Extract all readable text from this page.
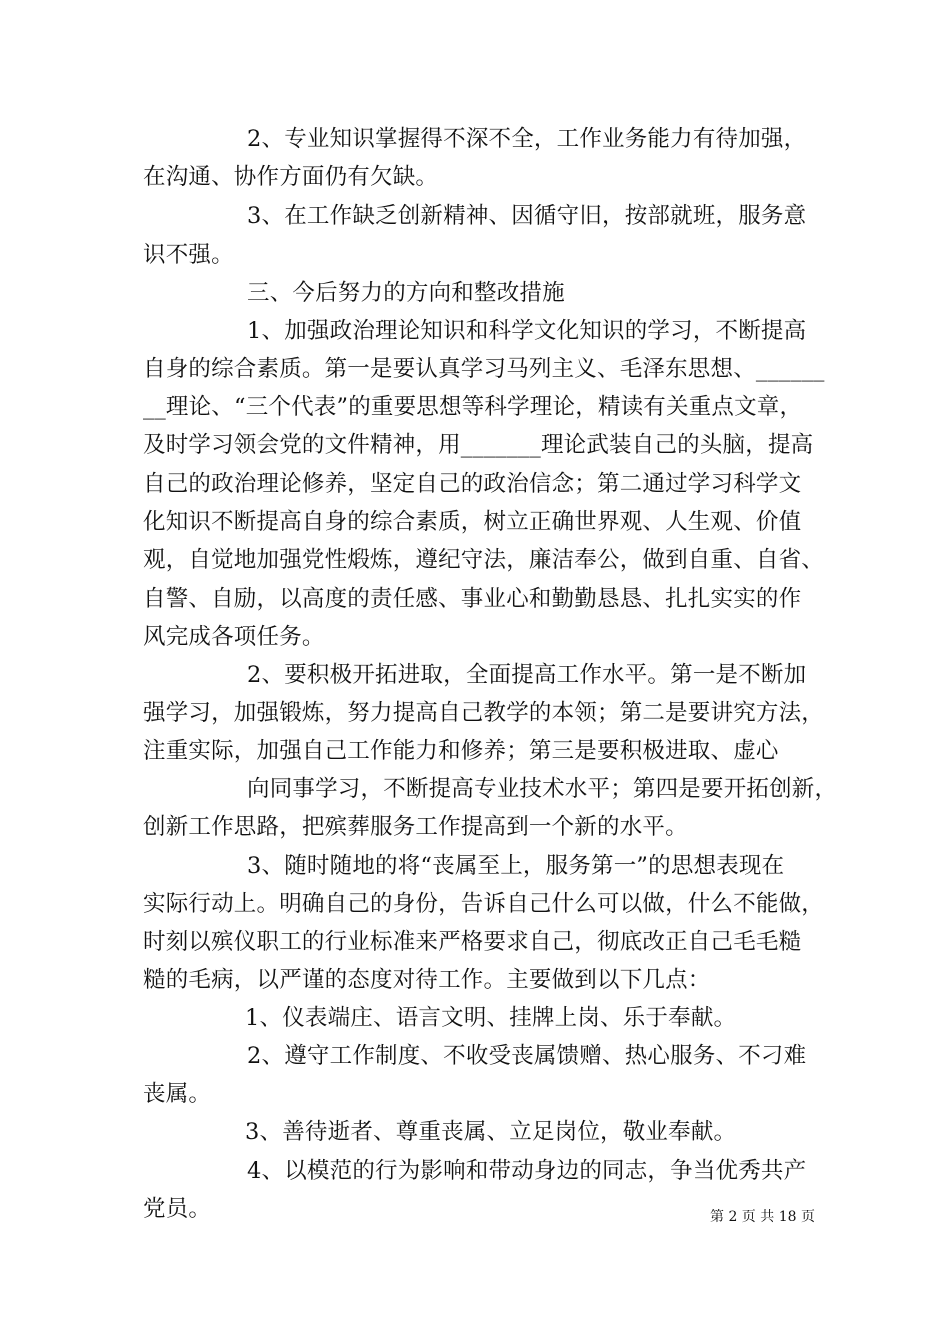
2、专业知识掌握得不深不全，工作业务能力有待加强，
在沟通、协作方面仍有欠缺。
3、在工作缺乏创新精神、因循守旧，按部就班，服务意
识不强。
三、今后努力的方向和整改措施
1、加强政治理论知识和科学文化知识的学习，不断提高
自身的综合素质。第一是要认真学习马列主义、毛泽东思想、______
__理论、“三个代表”的重要思想等科学理论，精读有关重点文章，
及时学习领会党的文件精神，用_______理论武装自己的头脑，提高
自己的政治理论修养，坚定自己的政治信念；第二通过学习科学文
化知识不断提高自身的综合素质，树立正确世界观、人生观、价值
观，自觉地加强党性煅炼，遵纪守法，廉洁奉公，做到自重、自省、
自警、自励，以高度的责任感、事业心和勤勤恳恳、扎扎实实的作
风完成各项任务。
2、要积极开拓进取，全面提高工作水平。第一是不断加
强学习，加强锻炼，努力提高自己教学的本领；第二是要讲究方法，
注重实际，加强自己工作能力和修养；第三是要积极进取、虚心
向同事学习，不断提高专业技术水平；第四是要开拓创新，
创新工作思路，把殡葬服务工作提高到一个新的水平。
3、随时随地的将“丧属至上，服务第一”的思想表现在
实际行动上。明确自己的身份，告诉自己什么可以做，什么不能做，
时刻以殡仪职工的行业标准来严格要求自己，彻底改正自己毛毛糙
糙的毛病，以严谨的态度对待工作。主要做到以下几点：
1、仪表端庄、语言文明、挂牌上岗、乐于奉献。
2、遵守工作制度、不收受丧属馈赠、热心服务、不刁难
丧属。
3、善待逝者、尊重丧属、立足岗位，敬业奉献。
4、以模范的行为影响和带动身边的同志，争当优秀共产
党员。	第 2 页 共 18 页
